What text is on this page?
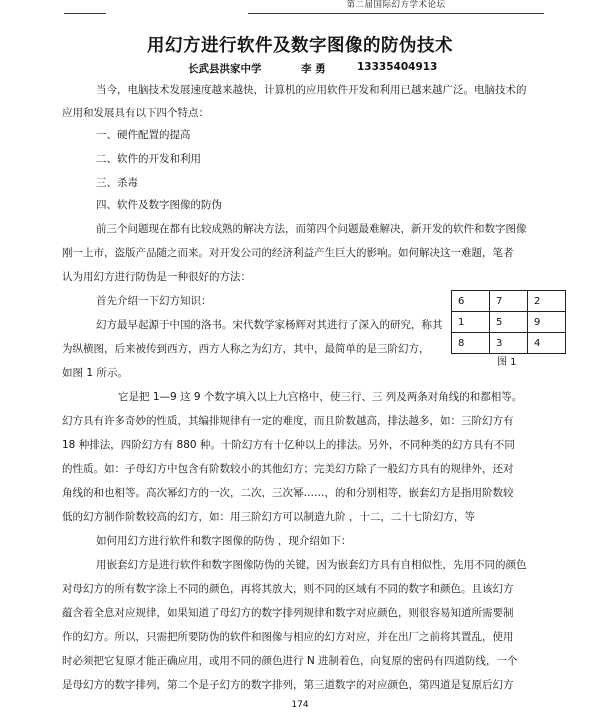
第二届国际幻方学术论坛
用幻方进行软件及数字图像的防伪技术
长武县洪家中学	李 勇	13335404913
当今，电脑技术发展速度越来越快，计算机的应用软件开发和利用已越来越广泛。电脑技术的
应用和发展具有以下四个特点：
一、硬件配置的提高
二、软件的开发和利用
三、杀毒
四、软件及数字图像的防伪
前三个问题现在都有比较成熟的解决方法，而第四个问题最难解决，新开发的软件和数字图像
刚一上市，盗版产品随之而来。对开发公司的经济利益产生巨大的影响。如何解决这一难题，笔者
认为用幻方进行防伪是一种很好的方法：
首先介绍一下幻方知识：
幻方最早起源于中国的洛书。宋代数学家杨辉对其进行了深入的研究，称其
为纵横图，后来被传到西方，西方人称之为幻方，其中，最简单的是三阶幻方，
如图 1 所示。
它是把 1—9 这 9 个数字填入以上九宫格中，使三行、三 列及两条对角线的和都相等。
幻方具有许多奇妙的性质，其编排规律有一定的难度，而且阶数越高，排法越多，如：三阶幻方有
18 种排法，四阶幻方有 880 种。十阶幻方有十亿种以上的排法。另外，不同种类的幻方具有不同
的性质。如：子母幻方中包含有阶数较小的其他幻方；完美幻方除了一般幻方具有的规律外，还对
角线的和也相等。高次幂幻方的一次，二次，三次幂……，的和分别相等，嵌套幻方是指用阶数较
低的幻方制作阶数较高的幻方，如：用三阶幻方可以制造九阶 ，十二，二十七阶幻方，等
如何用幻方进行软件和数字图像的防伪 ，现介绍如下：
用嵌套幻方是进行软件和数字图像防伪的关键，因为嵌套幻方具有自相似性，先用不同的颜色
对母幻方的所有数字涂上不同的颜色，再将其放大，则不同的区域有不同的数字和颜色。且该幻方
蕴含着全息对应规律，如果知道了母幻方的数字排列规律和数字对应颜色，则很容易知道所需要制
作的幻方。所以，只需把所要防伪的软件和图像与相应的幻方对应，并在出厂之前将其置乱，使用
时必须把它复原才能正确应用，或用不同的颜色进行 N 进制着色，向复原的密码有四道防线，一个
是母幻方的数字排列，第二个是子幻方的数字排列，第三道数字的对应颜色，第四道是复原后幻方
6	7	2
1	5	9
8	3	4
图 1
174
